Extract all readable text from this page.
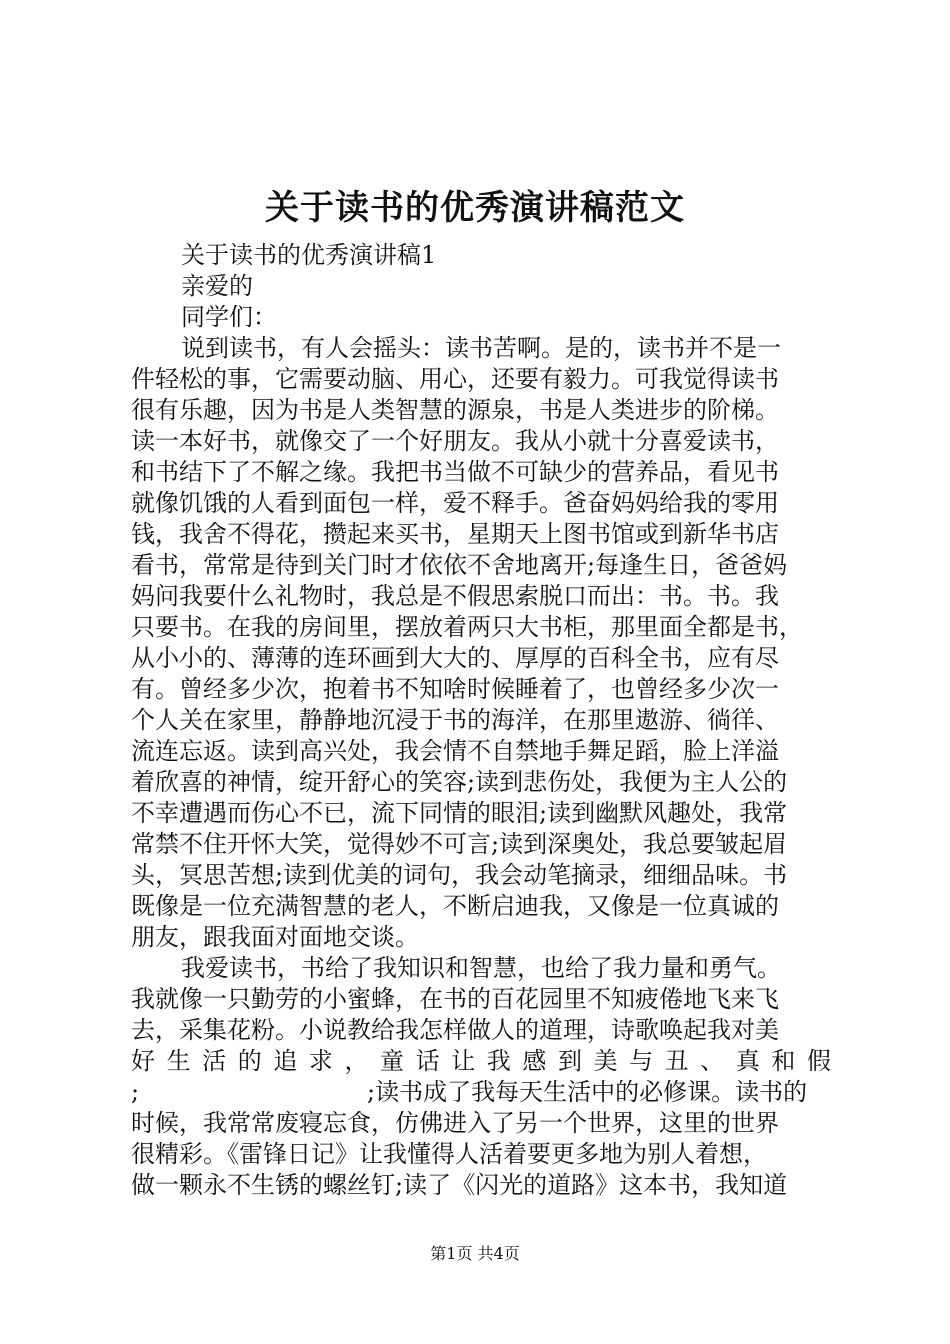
关于读书的优秀演讲稿范文
关于读书的优秀演讲稿1
亲爱的
同学们：
说到读书，有人会摇头：读书苦啊。是的，读书并不是一
件轻松的事，它需要动脑、用心，还要有毅力。可我觉得读书
很有乐趣，因为书是人类智慧的源泉，书是人类进步的阶梯。
读一本好书，就像交了一个好朋友。我从小就十分喜爱读书，
和书结下了不解之缘。我把书当做不可缺少的营养品，看见书
就像饥饿的人看到面包一样，爱不释手。爸奋妈妈给我的零用
钱，我舍不得花，攒起来买书，星期天上图书馆或到新华书店
看书，常常是待到关门时才依依不舍地离开;每逢生日，爸爸妈
妈问我要什么礼物时，我总是不假思索脱口而出：书。书。我
只要书。在我的房间里，摆放着两只大书柜，那里面全都是书，
从小小的、薄薄的连环画到大大的、厚厚的百科全书，应有尽
有。曾经多少次，抱着书不知啥时候睡着了，也曾经多少次一
个人关在家里，静静地沉浸于书的海洋，在那里遨游、徜徉、
流连忘返。读到高兴处，我会情不自禁地手舞足蹈，脸上洋溢
着欣喜的神情，绽开舒心的笑容;读到悲伤处，我便为主人公的
不幸遭遇而伤心不已，流下同情的眼泪;读到幽默风趣处，我常
常禁不住开怀大笑，觉得妙不可言;读到深奥处，我总要皱起眉
头，冥思苦想;读到优美的词句，我会动笔摘录，细细品味。书
既像是一位充满智慧的老人，不断启迪我，又像是一位真诚的
朋友，跟我面对面地交谈。
我爱读书，书给了我知识和智慧，也给了我力量和勇气。
我就像一只勤劳的小蜜蜂，在书的百花园里不知疲倦地飞来飞
去，采集花粉。小说教给我怎样做人的道理，诗歌唤起我对美
好 生 活 的 追 求 ， 童 话 让 我 感 到 美 与 丑 、 真 和 假
;	;读书成了我每天生活中的必修课。读书的
时候，我常常废寝忘食，仿佛进入了另一个世界，这里的世界
很精彩。《雷锋日记》让我懂得人活着要更多地为别人着想，
做一颗永不生锈的螺丝钉;读了《闪光的道路》这本书，我知道
第1页 共4页
